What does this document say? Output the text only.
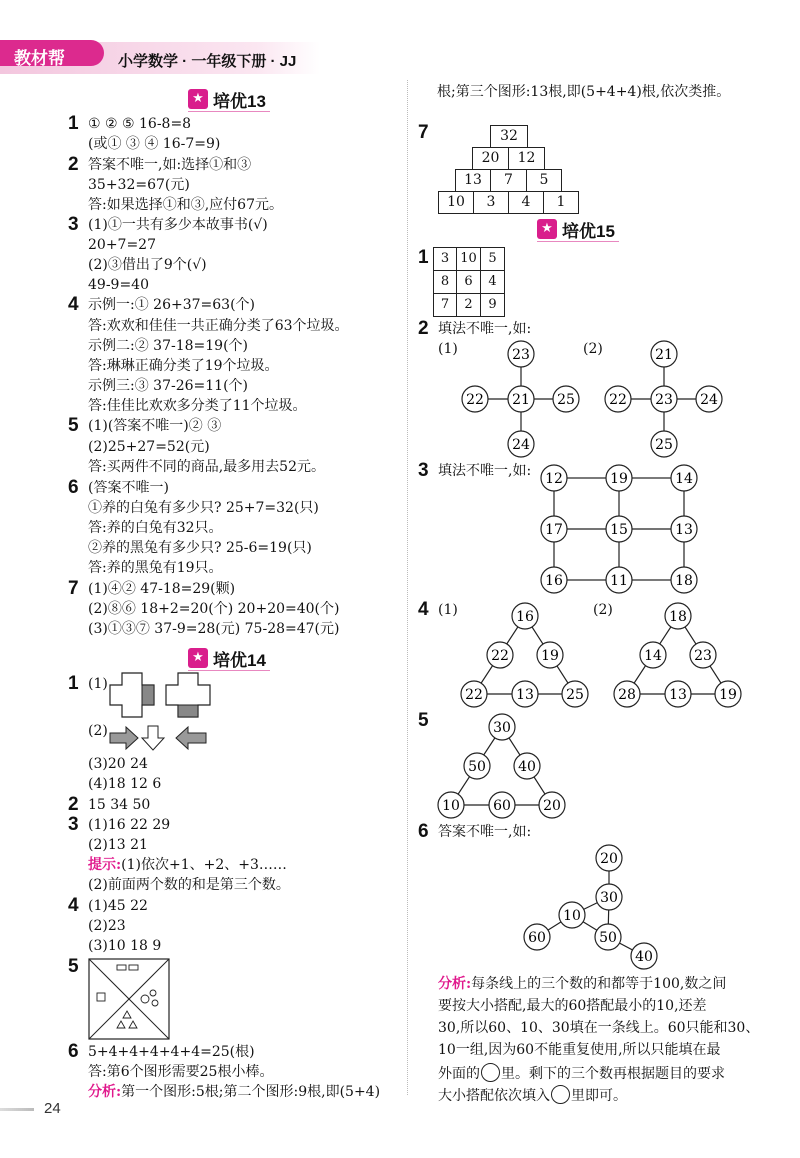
教材帮	小学数学 · 一年级下册 · JJ
★ 培优13
1 ① ② ⑤ 16-8=8
(或① ③ ④ 16-7=9)
2 答案不唯一,如:选择①和③
35+32=67(元)
答:如果选择①和③,应付67元。
3 (1)①一共有多少本故事书(√)
20+7=27
(2)③借出了9个(√)
49-9=40
4 示例一:① 26+37=63(个)
答:欢欢和佳佳一共正确分类了63个垃圾。
示例二:② 37-18=19(个)
答:琳琳正确分类了19个垃圾。
示例三:③ 37-26=11(个)
答:佳佳比欢欢多分类了11个垃圾。
5 (1)(答案不唯一)② ③
(2)25+27=52(元)
答:买两件不同的商品,最多用去52元。
6 (答案不唯一)
①养的白兔有多少只? 25+7=32(只)
答:养的白兔有32只。
②养的黑兔有多少只? 25-6=19(只)
答:养的黑兔有19只。
7 (1)④② 47-18=29(颗)
(2)⑧⑥ 18+2=20(个) 20+20=40(个)
(3)①③⑦ 37-9=28(元) 75-28=47(元)
★ 培优14
1 (1)
(2)
(3)20 24
(4)18 12 6
2 15 34 50
3 (1)16 22 29
(2)13 21
提示:(1)依次+1、+2、+3……
(2)前面两个数的和是第三个数。
4 (1)45 22
(2)23
(3)10 18 9
5
6 5+4+4+4+4+4=25(根)
答:第6个图形需要25根小棒。
分析:第一个图形:5根;第二个图形:9根,即(5+4)
24
根;第三个图形:13根,即(5+4+4)根,依次类推。
7	32
20	12
13	7	5
10	3	4	1
★ 培优15
1 3 10 5
8	6	4
7	2	9
2 填法不唯一,如:
(1)	(2)
23
22 21 25
24
21
22 23 24
25
3 填法不唯一,如: 12	19	14
17	15	13
16	11	18
4 (1)	(2)
16
22 19
22 13 25
18
14 23
28 13 19
5	30
50 40
10 60 20
6 答案不唯一,如:
20
30
10
60	50
40
分析:每条线上的三个数的和都等于100,数之间
要按大小搭配,最大的60搭配最小的10,还差
30,所以60、10、30填在一条线上。60只能和30、
10一组,因为60不能重复使用,所以只能填在最
外面的 里。剩下的三个数再根据题目的要求
大小搭配依次填入 里即可。
